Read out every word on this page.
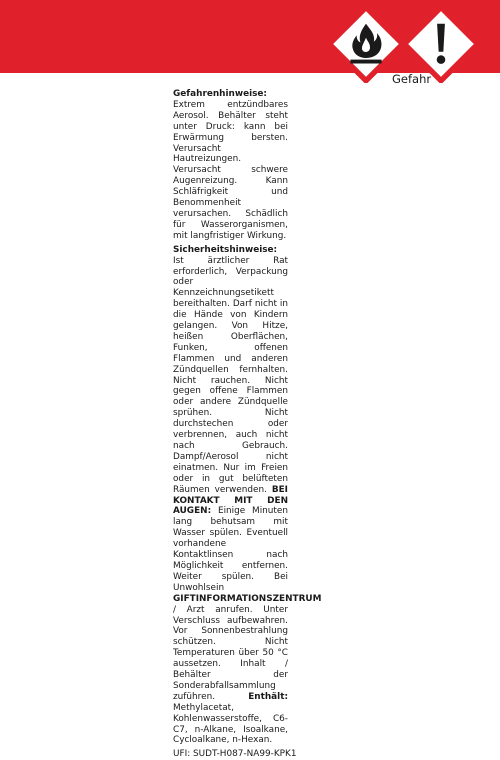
Gefahr

Gefahrenhinweise: Extrem entzündbares Aerosol. Behälter steht unter Druck: kann bei Erwärmung bersten. Verursacht Hautreizungen. Verursacht schwere Augenreizung. Kann Schläfrigkeit und Benommenheit verursachen. Schädlich für Wasserorganismen, mit langfristiger Wirkung.

Sicherheitshinweise: Ist ärztlicher Rat erforderlich, Verpackung oder Kennzeichnungsetikett bereithalten. Darf nicht in die Hände von Kindern gelangen. Von Hitze, heißen Oberflächen, Funken, offenen Flammen und anderen Zündquellen fernhalten. Nicht rauchen. Nicht gegen offene Flammen oder andere Zündquelle sprühen. Nicht durchstechen oder verbrennen, auch nicht nach Gebrauch. Dampf/Aerosol nicht einatmen. Nur im Freien oder in gut belüfteten Räumen verwenden. BEI KONTAKT MIT DEN AUGEN: Einige Minuten lang behutsam mit Wasser spülen. Eventuell vorhandene Kontaktlinsen nach Möglichkeit entfernen. Weiter spülen. Bei Unwohlsein GIFTINFORMATIONSZENTRUM / Arzt anrufen. Unter Verschluss aufbewahren. Vor Sonnenbestrahlung schützen. Nicht Temperaturen über 50 °C aussetzen. Inhalt / Behälter der Sonderabfallsammlung zuführen.	Enthält: Methylacetat, Kohlenwasserstoffe, C6-C7, n-Alkane, Isoalkane, Cycloalkane, n-Hexan.

UFI: SUDT-H087-NA99-KPK1
